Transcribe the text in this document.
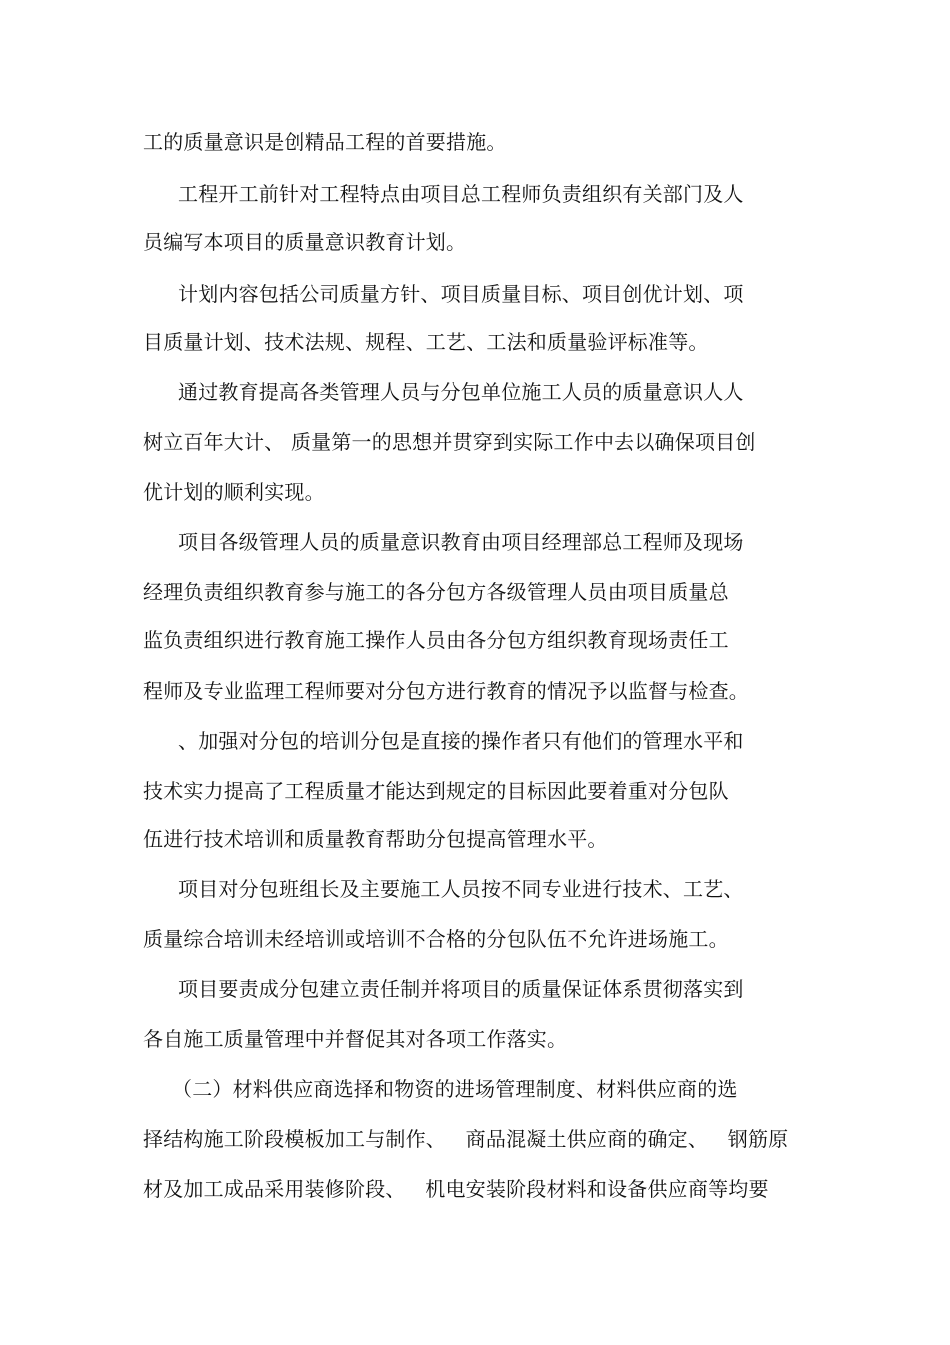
工的质量意识是创精品工程的首要措施。
工程开工前针对工程特点由项目总工程师负责组织有关部门及人
员编写本项目的质量意识教育计划。
计划内容包括公司质量方针、项目质量目标、项目创优计划、项
目质量计划、技术法规、规程、工艺、工法和质量验评标准等。
通过教育提高各类管理人员与分包单位施工人员的质量意识人人
树立百年大计、 质量第一的思想并贯穿到实际工作中去以确保项目创
优计划的顺利实现。
项目各级管理人员的质量意识教育由项目经理部总工程师及现场
经理负责组织教育参与施工的各分包方各级管理人员由项目质量总
监负责组织进行教育施工操作人员由各分包方组织教育现场责任工
程师及专业监理工程师要对分包方进行教育的情况予以监督与检查。
、加强对分包的培训分包是直接的操作者只有他们的管理水平和
技术实力提高了工程质量才能达到规定的目标因此要着重对分包队
伍进行技术培训和质量教育帮助分包提高管理水平。
项目对分包班组长及主要施工人员按不同专业进行技术、工艺、
质量综合培训未经培训或培训不合格的分包队伍不允许进场施工。
项目要责成分包建立责任制并将项目的质量保证体系贯彻落实到
各自施工质量管理中并督促其对各项工作落实。
（二）材料供应商选择和物资的进场管理制度、材料供应商的选
择结构施工阶段模板加工与制作、   商品混凝土供应商的确定、   钢筋原
材及加工成品采用装修阶段、   机电安装阶段材料和设备供应商等均要
